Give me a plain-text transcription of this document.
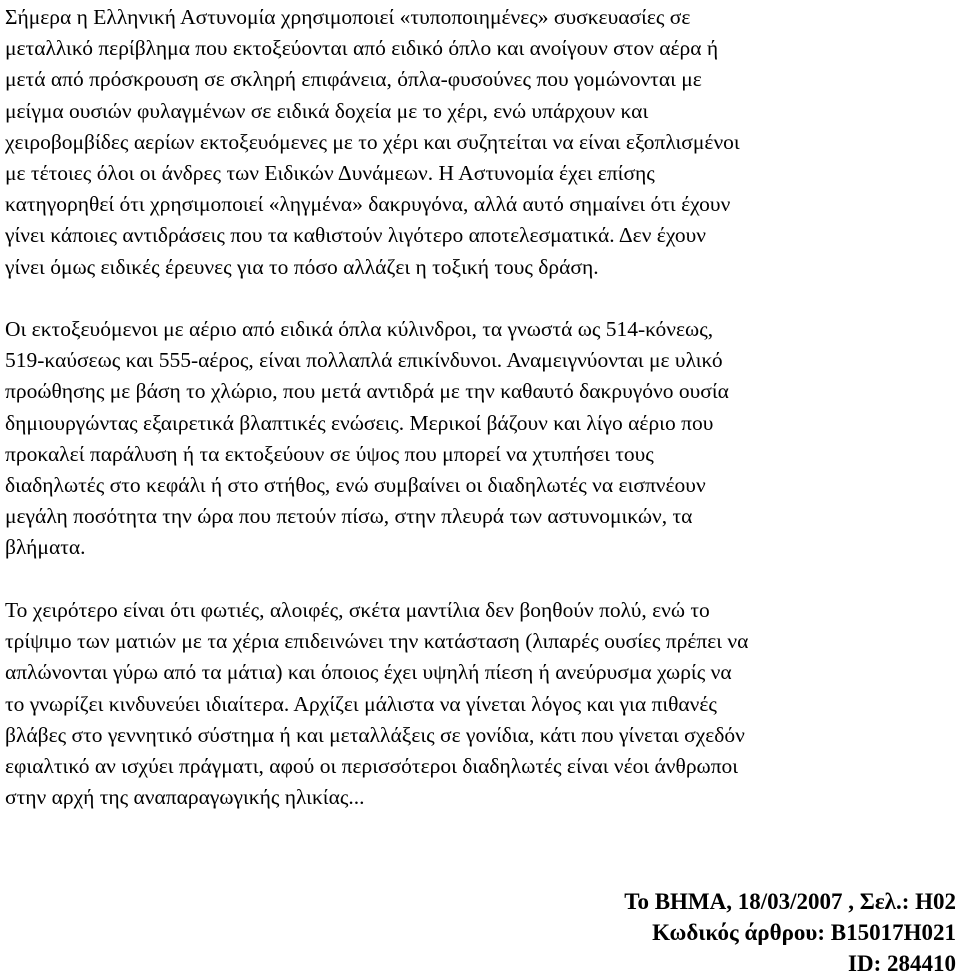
Σήμερα η Ελληνική Αστυνομία χρησιμοποιεί «τυποποιημένες» συσκευασίες σε
μεταλλικό περίβλημα που εκτοξεύονται από ειδικό όπλο και ανοίγουν στον αέρα ή
μετά από πρόσκρουση σε σκληρή επιφάνεια, όπλα-φυσούνες που γομώνονται με
μείγμα ουσιών φυλαγμένων σε ειδικά δοχεία με το χέρι, ενώ υπάρχουν και
χειροβομβίδες αερίων εκτοξευόμενες με το χέρι και συζητείται να είναι εξοπλισμένοι
με τέτοιες όλοι οι άνδρες των Ειδικών Δυνάμεων. Η Αστυνομία έχει επίσης
κατηγορηθεί ότι χρησιμοποιεί «ληγμένα» δακρυγόνα, αλλά αυτό σημαίνει ότι έχουν
γίνει κάποιες αντιδράσεις που τα καθιστούν λιγότερο αποτελεσματικά. Δεν έχουν
γίνει όμως ειδικές έρευνες για το πόσο αλλάζει η τοξική τους δράση.
Οι εκτοξευόμενοι με αέριο από ειδικά όπλα κύλινδροι, τα γνωστά ως 514-κόνεως,
519-καύσεως και 555-αέρος, είναι πολλαπλά επικίνδυνοι. Αναμειγνύονται με υλικό
προώθησης με βάση το χλώριο, που μετά αντιδρά με την καθαυτό δακρυγόνο ουσία
δημιουργώντας εξαιρετικά βλαπτικές ενώσεις. Μερικοί βάζουν και λίγο αέριο που
προκαλεί παράλυση ή τα εκτοξεύουν σε ύψος που μπορεί να χτυπήσει τους
διαδηλωτές στο κεφάλι ή στο στήθος, ενώ συμβαίνει οι διαδηλωτές να εισπνέουν
μεγάλη ποσότητα την ώρα που πετούν πίσω, στην πλευρά των αστυνομικών, τα
βλήματα.
Το χειρότερο είναι ότι φωτιές, αλοιφές, σκέτα μαντίλια δεν βοηθούν πολύ, ενώ το
τρίψιμο των ματιών με τα χέρια επιδεινώνει την κατάσταση (λιπαρές ουσίες πρέπει να
απλώνονται γύρω από τα μάτια) και όποιος έχει υψηλή πίεση ή ανεύρυσμα χωρίς να
το γνωρίζει κινδυνεύει ιδιαίτερα. Αρχίζει μάλιστα να γίνεται λόγος και για πιθανές
βλάβες στο γεννητικό σύστημα ή και μεταλλάξεις σε γονίδια, κάτι που γίνεται σχεδόν
εφιαλτικό αν ισχύει πράγματι, αφού οι περισσότεροι διαδηλωτές είναι νέοι άνθρωποι
στην αρχή της αναπαραγωγικής ηλικίας...
Το ΒΗΜΑ, 18/03/2007 , Σελ.: Η02
Κωδικός άρθρου: B15017H021
ID: 284410
